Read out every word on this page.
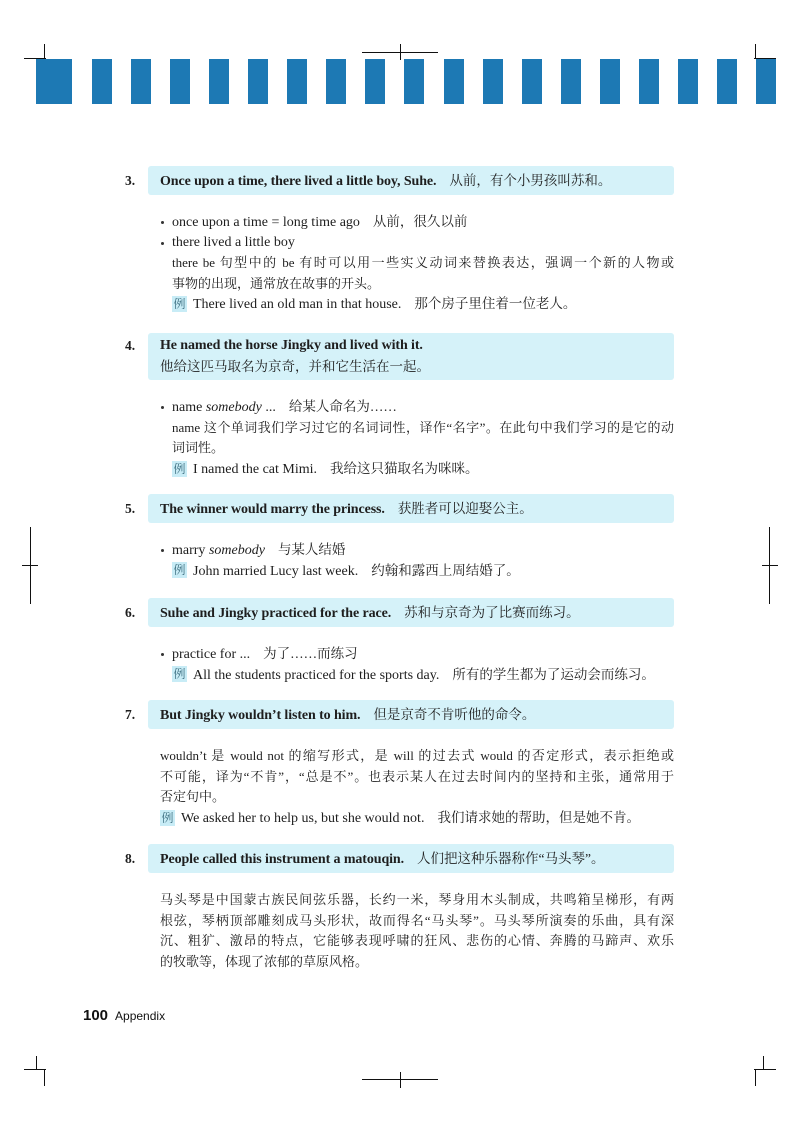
3. Once upon a time, there lived a little boy, Suhe. 从前，有个小男孩叫苏和。
once upon a time = long time ago 从前，很久以前
there lived a little boy
there be 句型中的 be 有时可以用一些实义动词来替换表达，强调一个新的人物或
事物的出现，通常放在故事的开头。
例 There lived an old man in that house. 那个房子里住着一位老人。
4. He named the horse Jingky and lived with it.
他给这匹马取名为京奇，并和它生活在一起。
name somebody ... 给某人命名为……
name 这个单词我们学习过它的名词词性，译作“名字”。在此句中我们学习的是它的动
词词性。
例 I named the cat Mimi. 我给这只猫取名为咪咪。
5. The winner would marry the princess. 获胜者可以迎娶公主。
marry somebody 与某人结婚
例 John married Lucy last week. 约翰和露西上周结婚了。
6. Suhe and Jingky practiced for the race. 苏和与京奇为了比赛而练习。
practice for ... 为了……而练习
例 All the students practiced for the sports day. 所有的学生都为了运动会而练习。
7. But Jingky wouldn’t listen to him. 但是京奇不肯听他的命令。
wouldn’t 是 would not 的缩写形式，是 will 的过去式 would 的否定形式，表示拒绝或
不可能，译为“不肯”，“总是不”。也表示某人在过去时间内的坚持和主张，通常用于
否定句中。
例 We asked her to help us, but she would not. 我们请求她的帮助，但是她不肯。
8. People called this instrument a matouqin. 人们把这种乐器称作“马头琴”。
马头琴是中国蒙古族民间弦乐器，长约一米，琴身用木头制成，共鸣箱呈梯形，有两
根弦，琴柄顶部雕刻成马头形状，故而得名“马头琴”。马头琴所演奏的乐曲，具有深
沉、粗犷、激昂的特点，它能够表现呼啸的狂风、悲伤的心情、奔腾的马蹄声、欢乐
的牧歌等，体现了浓郁的草原风格。
100 Appendix
